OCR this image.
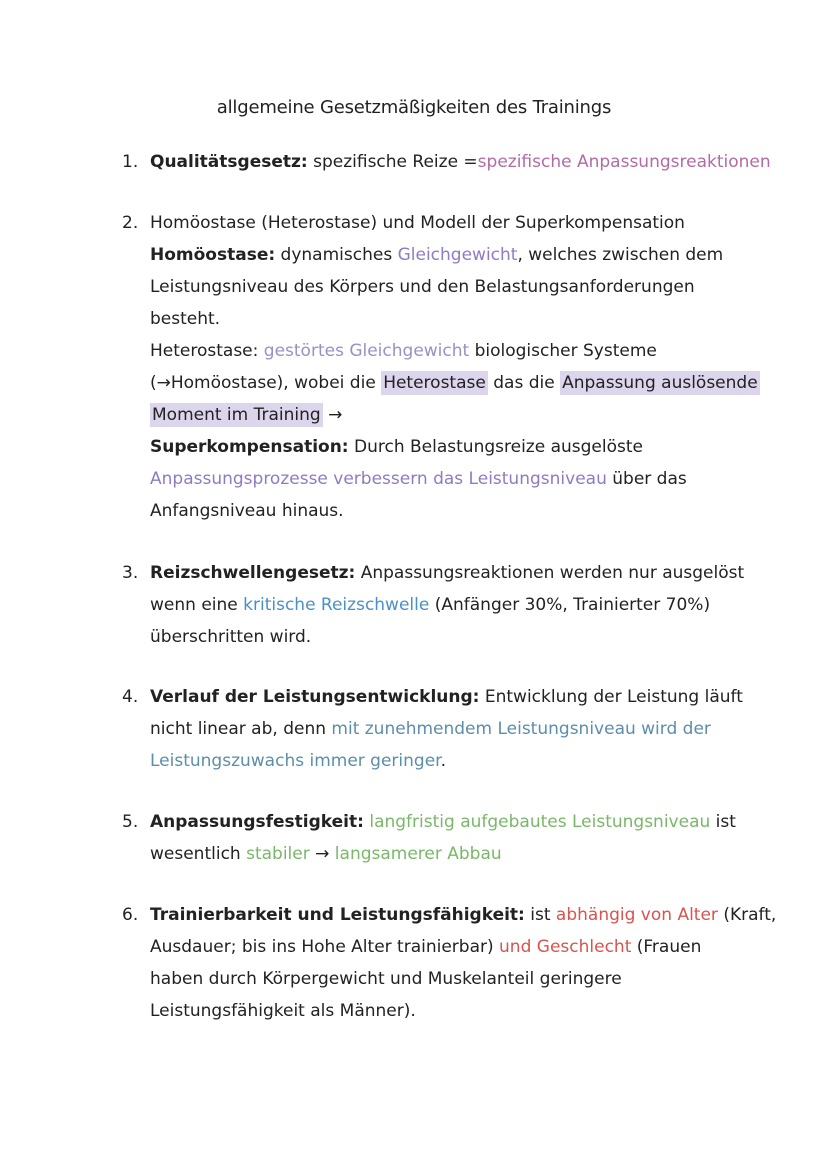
allgemeine Gesetzmäßigkeiten des Trainings
1. Qualitätsgesetz: spezifische Reize =spezifische Anpassungsreaktionen
2. Homöostase (Heterostase) und Modell der Superkompensation
Homöostase: dynamisches Gleichgewicht, welches zwischen dem
Leistungsniveau des Körpers und den Belastungsanforderungen
besteht.
Heterostase: gestörtes Gleichgewicht biologischer Systeme
(→Homöostase), wobei die Heterostase das die Anpassung auslösende
Moment im Training →
Superkompensation: Durch Belastungsreize ausgelöste
Anpassungsprozesse verbessern das Leistungsniveau über das
Anfangsniveau hinaus.
3. Reizschwellengesetz: Anpassungsreaktionen werden nur ausgelöst
wenn eine kritische Reizschwelle (Anfänger 30%, Trainierter 70%)
überschritten wird.
4. Verlauf der Leistungsentwicklung: Entwicklung der Leistung läuft
nicht linear ab, denn mit zunehmendem Leistungsniveau wird der
Leistungszuwachs immer geringer.
5. Anpassungsfestigkeit: langfristig aufgebautes Leistungsniveau ist
wesentlich stabiler → langsamerer Abbau
6. Trainierbarkeit und Leistungsfähigkeit: ist abhängig von Alter (Kraft,
Ausdauer; bis ins Hohe Alter trainierbar) und Geschlecht (Frauen
haben durch Körpergewicht und Muskelanteil geringere
Leistungsfähigkeit als Männer).
